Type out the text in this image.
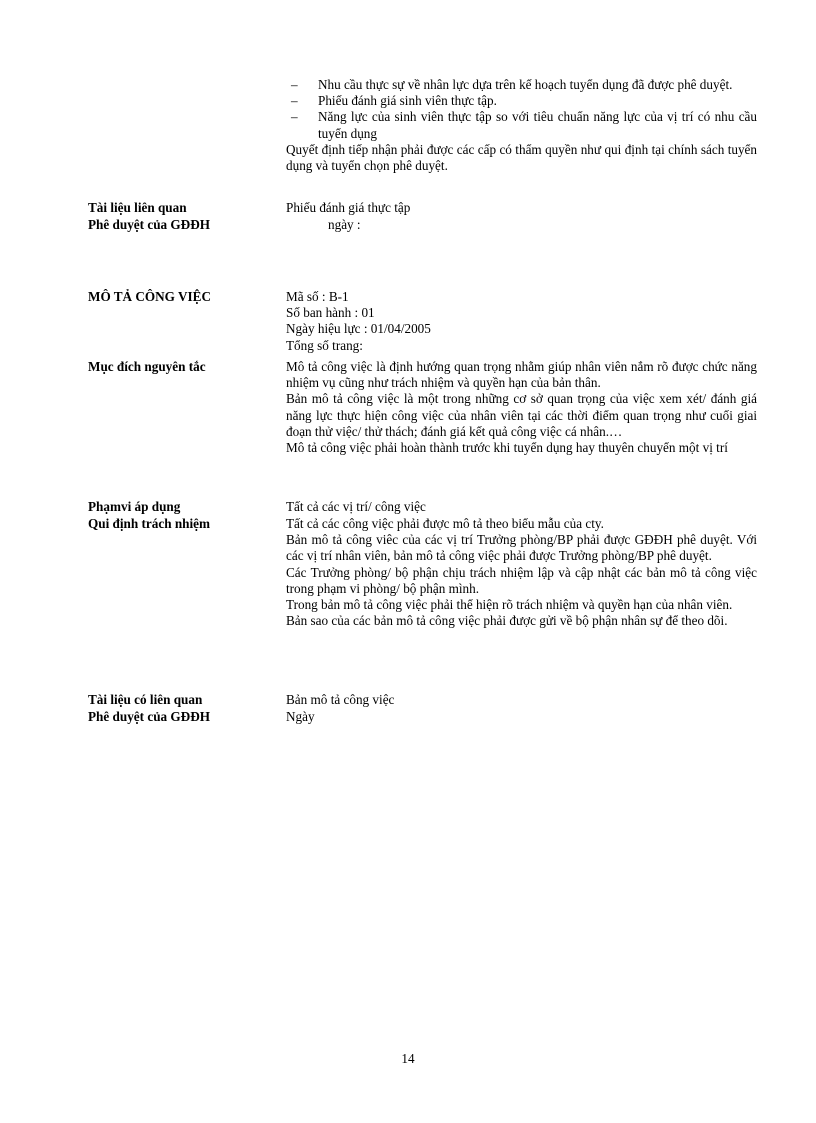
– Nhu cầu thực sự về nhân lực dựa trên kế hoạch tuyển dụng đã được phê duyệt.
– Phiếu đánh giá sinh viên thực tập.
– Năng lực của sinh viên thực tập so với tiêu chuẩn năng lực của vị trí có nhu cầu tuyển dụng

Quyết định tiếp nhận phải được các cấp có thẩm quyền như qui định tại chính sách tuyển dụng và tuyển chọn phê duyệt.

Tài liệu liên quan	Phiếu đánh giá thực tập
Phê duyệt của GĐĐH	ngày :
MÔ TẢ CÔNG VIỆC	Mã số : B-1

Số ban hành : 01

Ngày hiệu lực : 01/04/2005

Tổng số trang:

Mục đích nguyên tắc	Mô tả công việc là định hướng quan trọng nhằm giúp nhân viên nắm rõ được chức năng nhiệm vụ cũng như trách nhiệm và quyền hạn của bản thân.

Bản mô tả công việc là một trong những cơ sở quan trọng của việc xem xét/ đánh giá năng lực thực hiện công việc của nhân viên tại các thời điểm quan trọng như cuối giai đoạn thử việc/ thử thách; đánh giá kết quả công việc cá nhân.…

Mô tả công việc phải hoàn thành trước khi tuyển dụng hay thuyên chuyển một vị trí

Phạmvi áp dụng	Tất cả các vị trí/ công việc
Qui định trách nhiệm	Tất cả các công việc phải được mô tả theo biểu mẫu của cty.

Bản mô tả công viêc của các vị trí Trưởng phòng/BP phải được GĐĐH phê duyệt. Với các vị trí nhân viên, bản mô tả công việc phải được Trưởng phòng/BP phê duyệt.

Các Trưởng phòng/ bộ phận chịu trách nhiệm lập và cập nhật các bản mô tả công việc trong phạm vi phòng/ bộ phận mình.

Trong bản mô tả công việc phải thể hiện rõ trách nhiệm và quyền hạn của nhân viên.

Bản sao của các bản mô tả công việc phải được gửi về bộ phận nhân sự để theo dõi.

Tài liệu có liên quan	Bản mô tả công việc
Phê duyệt của GĐĐH	Ngày
14
